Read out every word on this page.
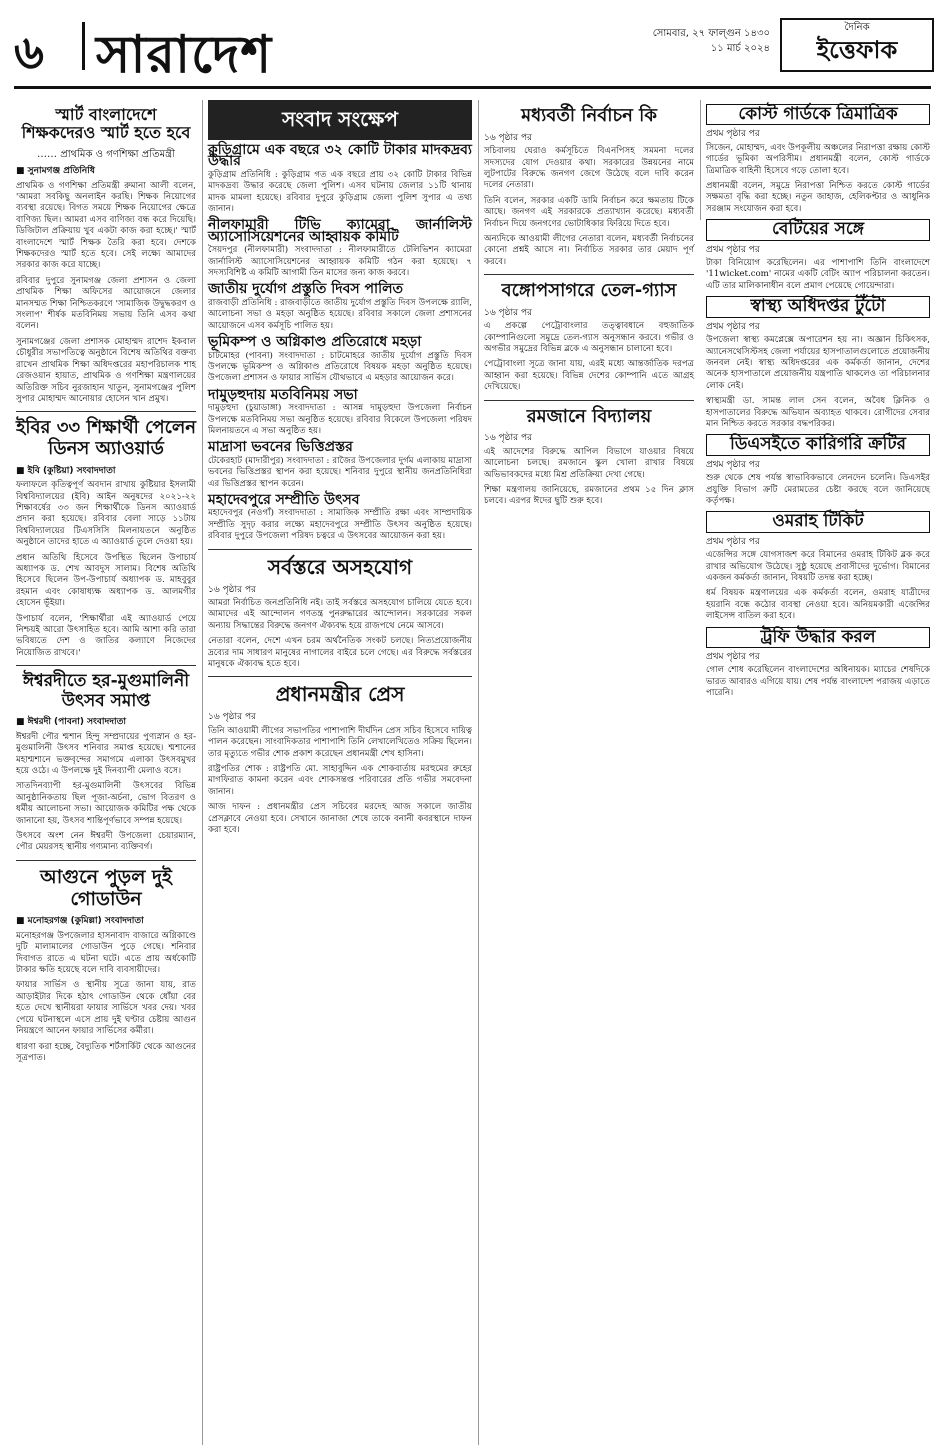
৬ সারাদেশ	সোমবার, ২৭ ফাল্গুন ১৪৩০
১১ মার্চ ২০২৪
দৈনিক
ইত্তেফাক
স্মার্ট বাংলাদেশে শিক্ষকদেরও স্মার্ট হতে হবে
…… প্রাথমিক ও গণশিক্ষা প্রতিমন্ত্রী
■ সুনামগঞ্জ প্রতিনিধি

প্রাথমিক ও গণশিক্ষা প্রতিমন্ত্রী রুমানা আলী বলেন, 'আমরা সবকিছু অনলাইন করছি। শিক্ষক নিয়োগের ব্যবস্থা রয়েছে। বিগত সময়ে শিক্ষক নিয়োগের ক্ষেত্রে বাণিজ্য ছিল। আমরা এসব বাণিজ্য বন্ধ করে দিয়েছি। ডিজিটাল প্রক্রিয়ায় খুব একটা কাজ করা হচ্ছে।' স্মার্ট বাংলাদেশে স্মার্ট শিক্ষক তৈরি করা হবে। দেশকে শিক্ষকদেরও স্মার্ট হতে হবে। সেই লক্ষ্যে আমাদের সরকার কাজ করে যাচ্ছে।

রবিবার দুপুরে সুনামগঞ্জ জেলা প্রশাসন ও জেলা প্রাথমিক শিক্ষা অফিসের আয়োজনে জেলার মানসম্মত শিক্ষা নিশ্চিতকরণে 'সামাজিক উদ্বুদ্ধকরণ ও সংলাপ' শীর্ষক মতবিনিময় সভায় তিনি এসব কথা বলেন।

সুনামগঞ্জের জেলা প্রশাসক মোহাম্মদ রাশেদ ইকবাল চৌধুরীর সভাপতিত্বে অনুষ্ঠানে বিশেষ অতিথির বক্তব্য রাখেন প্রাথমিক শিক্ষা অধিদপ্তরের মহাপরিচালক শাহ রেজওয়ান হায়াত, প্রাথমিক ও গণশিক্ষা মন্ত্রণালয়ের অতিরিক্ত সচিব নুরজাহান খাতুন, সুনামগঞ্জের পুলিশ সুপার মোহাম্মদ আনোয়ার হোসেন খান প্রমুখ।

ইবির ৩৩ শিক্ষার্থী পেলেন ডিনস অ্যাওয়ার্ড
■ ইবি (কুষ্টিয়া) সংবাদদাতা

ফলাফলে কৃতিত্বপূর্ণ অবদান রাখায় কুষ্টিয়ার ইসলামী বিশ্ববিদ্যালয়ের (ইবি) আইন অনুষদের ২০২১-২২ শিক্ষাবর্ষের ৩৩ জন শিক্ষার্থীকে ডিনস অ্যাওয়ার্ড প্রদান করা হয়েছে। রবিবার বেলা সাড়ে ১১টায় বিশ্ববিদ্যালয়ের টিএসসিসি মিলনায়তনে অনুষ্ঠিত অনুষ্ঠানে তাদের হাতে এ অ্যাওয়ার্ড তুলে দেওয়া হয়।

প্রধান অতিথি হিসেবে উপস্থিত ছিলেন উপাচার্য অধ্যাপক ড. শেখ আবদুস সালাম। বিশেষ অতিথি হিসেবে ছিলেন উপ-উপাচার্য অধ্যাপক ড. মাহবুবুর রহমান এবং কোষাধ্যক্ষ অধ্যাপক ড. আলমগীর হোসেন ভূঁইয়া।

উপাচার্য বলেন, 'শিক্ষার্থীরা এই অ্যাওয়ার্ড পেয়ে নিশ্চয়ই আরো উৎসাহিত হবে। আমি আশা করি তারা ভবিষ্যতে দেশ ও জাতির কল্যাণে নিজেদের নিয়োজিত রাখবে।'

ঈশ্বরদীতে হর-মুগুমালিনী উৎসব সমাপ্ত
■ ঈশ্বরদী (পাবনা) সংবাদদাতা

ঈশ্বরদী পৌর শ্মশান হিন্দু সম্প্রদায়ের পুণ্যস্নান ও হর-মুগুমালিনী উৎসব শনিবার সমাপ্ত হয়েছে। শ্মশানের মহাশ্মশানে ভক্তবৃন্দের সমাগমে এলাকা উৎসবমুখর হয়ে ওঠে। এ উপলক্ষে দুই দিনব্যাপী মেলাও বসে।

সাতদিনব্যাপী হর-মুগুমালিনী উৎসবের বিভিন্ন আনুষ্ঠানিকতায় ছিল পূজা-অর্চনা, ভোগ বিতরণ ও ধর্মীয় আলোচনা সভা। আয়োজক কমিটির পক্ষ থেকে জানানো হয়, উৎসব শান্তিপূর্ণভাবে সম্পন্ন হয়েছে।

উৎসবে অংশ নেন ঈশ্বরদী উপজেলা চেয়ারম্যান, পৌর মেয়রসহ স্থানীয় গণ্যমান্য ব্যক্তিবর্গ।

আগুনে পুড়ল দুই গোডাউন
■ মনোহরগঞ্জ (কুমিল্লা) সংবাদদাতা

মনোহরগঞ্জ উপজেলার হাসনাবাদ বাজারে অগ্নিকাণ্ডে দুটি মালামালের গোডাউন পুড়ে গেছে। শনিবার দিবাগত রাতে এ ঘটনা ঘটে। এতে প্রায় অর্ধকোটি টাকার ক্ষতি হয়েছে বলে দাবি ব্যবসায়ীদের।

ফায়ার সার্ভিস ও স্থানীয় সূত্রে জানা যায়, রাত আড়াইটার দিকে হঠাৎ গোডাউন থেকে ধোঁয়া বের হতে দেখে স্থানীয়রা ফায়ার সার্ভিসে খবর দেয়। খবর পেয়ে ঘটনাস্থলে এসে প্রায় দুই ঘণ্টার চেষ্টায় আগুন নিয়ন্ত্রণে আনেন ফায়ার সার্ভিসের কর্মীরা।

ধারণা করা হচ্ছে, বৈদ্যুতিক শর্টসার্কিট থেকে আগুনের সূত্রপাত।

সংবাদ সংক্ষেপ
কুড়িগ্রামে এক বছরে ৩২ কোটি টাকার মাদকদ্রব্য উদ্ধার

কুড়িগ্রাম প্রতিনিধি : কুড়িগ্রাম গত এক বছরে প্রায় ৩২ কোটি টাকার বিভিন্ন মাদকদ্রব্য উদ্ধার করেছে জেলা পুলিশ। এসব ঘটনায় জেলার ১১টি থানায় মাদক মামলা হয়েছে। রবিবার দুপুরে কুড়িগ্রাম জেলা পুলিশ সুপার এ তথ্য জানান।

নীলফামারী টিভি ক্যামেরা জার্নালিস্ট অ্যাসোসিয়েশনের আহ্বায়ক কমিটি

সৈয়দপুর (নীলফামারী) সংবাদদাতা : নীলফামারীতে টেলিভিশন ক্যামেরা জার্নালিস্ট অ্যাসোসিয়েশনের আহ্বায়ক কমিটি গঠন করা হয়েছে। ৭ সদস্যবিশিষ্ট এ কমিটি আগামী তিন মাসের জন্য কাজ করবে।

জাতীয় দুর্যোগ প্রস্তুতি দিবস পালিত

রাজবাড়ী প্রতিনিধি : রাজবাড়ীতে জাতীয় দুর্যোগ প্রস্তুতি দিবস উপলক্ষে র‌্যালি, আলোচনা সভা ও মহড়া অনুষ্ঠিত হয়েছে। রবিবার সকালে জেলা প্রশাসনের আয়োজনে এসব কর্মসূচি পালিত হয়।

ভূমিকম্প ও অগ্নিকাণ্ড প্রতিরোধে মহড়া

চাটমোহর (পাবনা) সংবাদদাতা : চাটমোহরে জাতীয় দুর্যোগ প্রস্তুতি দিবস উপলক্ষে ভূমিকম্প ও অগ্নিকাণ্ড প্রতিরোধে বিষয়ক মহড়া অনুষ্ঠিত হয়েছে। উপজেলা প্রশাসন ও ফায়ার সার্ভিস যৌথভাবে এ মহড়ার আয়োজন করে।

দামুড়হুদায় মতবিনিময় সভা

দামুড়হুদা (চুয়াডাঙ্গা) সংবাদদাতা : আসন্ন দামুড়হুদা উপজেলা নির্বাচন উপলক্ষে মতবিনিময় সভা অনুষ্ঠিত হয়েছে। রবিবার বিকেলে উপজেলা পরিষদ মিলনায়তনে এ সভা অনুষ্ঠিত হয়।

মাদ্রাসা ভবনের ভিত্তিপ্রস্তর

টেকেরহাট (মাদারীপুর) সংবাদদাতা : রাজৈর উপজেলার দুর্গম এলাকায় মাদ্রাসা ভবনের ভিত্তিপ্রস্তর স্থাপন করা হয়েছে। শনিবার দুপুরে স্থানীয় জনপ্রতিনিধিরা এর ভিত্তিপ্রস্তর স্থাপন করেন।

মহাদেবপুরে সম্প্রীতি উৎসব

মহাদেবপুর (নওগাঁ) সংবাদদাতা : সামাজিক সম্প্রীতি রক্ষা এবং সাম্প্রদায়িক সম্প্রীতি সুদৃঢ় করার লক্ষ্যে মহাদেবপুরে সম্প্রীতি উৎসব অনুষ্ঠিত হয়েছে। রবিবার দুপুরে উপজেলা পরিষদ চত্বরে এ উৎসবের আয়োজন করা হয়।

সর্বস্তরে অসহযোগ
১৬ পৃষ্ঠার পর

আমরা নির্বাচিত জনপ্রতিনিধি নই। তাই সর্বস্তরে অসহযোগ চালিয়ে যেতে হবে। আমাদের এই আন্দোলন গণতন্ত্র পুনরুদ্ধারের আন্দোলন। সরকারের সকল অন্যায় সিদ্ধান্তের বিরুদ্ধে জনগণ ঐক্যবদ্ধ হয়ে রাজপথে নেমে আসবে।

নেতারা বলেন, দেশে এখন চরম অর্থনৈতিক সংকট চলছে। নিত্যপ্রয়োজনীয় দ্রব্যের দাম সাধারণ মানুষের নাগালের বাইরে চলে গেছে। এর বিরুদ্ধে সর্বস্তরের মানুষকে ঐক্যবদ্ধ হতে হবে।

প্রধানমন্ত্রীর প্রেস
১৬ পৃষ্ঠার পর

তিনি আওয়ামী লীগের সভাপতির পাশাপাশি দীর্ঘদিন প্রেস সচিব হিসেবে দায়িত্ব পালন করেছেন। সাংবাদিকতার পাশাপাশি তিনি লেখালেখিতেও সক্রিয় ছিলেন। তার মৃত্যুতে গভীর শোক প্রকাশ করেছেন প্রধানমন্ত্রী শেখ হাসিনা।

রাষ্ট্রপতির শোক : রাষ্ট্রপতি মো. সাহাবুদ্দিন এক শোকবার্তায় মরহুমের রুহের মাগফিরাত কামনা করেন এবং শোকসন্তপ্ত পরিবারের প্রতি গভীর সমবেদনা জানান।

আজ দাফন : প্রধানমন্ত্রীর প্রেস সচিবের মরদেহ আজ সকালে জাতীয় প্রেসক্লাবে নেওয়া হবে। সেখানে জানাজা শেষে তাকে বনানী কবরস্থানে দাফন করা হবে।

মধ্যবর্তী নির্বাচন কি
১৬ পৃষ্ঠার পর

সচিবালয় ঘেরাও কর্মসূচিতে বিএনপিসহ সমমনা দলের সদস্যদের যোগ দেওয়ার কথা। সরকারের উন্নয়নের নামে লুটপাটের বিরুদ্ধে জনগণ জেগে উঠেছে বলে দাবি করেন দলের নেতারা।

তিনি বলেন, সরকার একটি ডামি নির্বাচন করে ক্ষমতায় টিকে আছে। জনগণ এই সরকারকে প্রত্যাখ্যান করেছে। মধ্যবর্তী নির্বাচন দিয়ে জনগণের ভোটাধিকার ফিরিয়ে দিতে হবে।

অন্যদিকে আওয়ামী লীগের নেতারা বলেন, মধ্যবর্তী নির্বাচনের কোনো প্রশ্নই আসে না। নির্বাচিত সরকার তার মেয়াদ পূর্ণ করবে।

বঙ্গোপসাগরে তেল-গ্যাস
১৬ পৃষ্ঠার পর

এ প্রকল্পে পেট্রোবাংলার তত্ত্বাবধানে বহুজাতিক কোম্পানিগুলো সমুদ্রে তেল-গ্যাস অনুসন্ধান করবে। গভীর ও অগভীর সমুদ্রের বিভিন্ন ব্লকে এ অনুসন্ধান চালানো হবে।

পেট্রোবাংলা সূত্রে জানা যায়, এরই মধ্যে আন্তর্জাতিক দরপত্র আহ্বান করা হয়েছে। বিভিন্ন দেশের কোম্পানি এতে আগ্রহ দেখিয়েছে।

রমজানে বিদ্যালয়
১৬ পৃষ্ঠার পর

এই আদেশের বিরুদ্ধে আপিল বিভাগে যাওয়ার বিষয়ে আলোচনা চলছে। রমজানে স্কুল খোলা রাখার বিষয়ে অভিভাবকদের মধ্যে মিশ্র প্রতিক্রিয়া দেখা গেছে।

শিক্ষা মন্ত্রণালয় জানিয়েছে, রমজানের প্রথম ১৫ দিন ক্লাস চলবে। এরপর ঈদের ছুটি শুরু হবে।

কোস্ট গার্ডকে ত্রিমাত্রিক
প্রথম পৃষ্ঠার পর

সিজেন, মোহাম্মদ, এবং উপকূলীয় অঞ্চলের নিরাপত্তা রক্ষায় কোস্ট গার্ডের ভূমিকা অপরিসীম। প্রধানমন্ত্রী বলেন, কোস্ট গার্ডকে ত্রিমাত্রিক বাহিনী হিসেবে গড়ে তোলা হবে।

প্রধানমন্ত্রী বলেন, সমুদ্রে নিরাপত্তা নিশ্চিত করতে কোস্ট গার্ডের সক্ষমতা বৃদ্ধি করা হচ্ছে। নতুন জাহাজ, হেলিকপ্টার ও আধুনিক সরঞ্জাম সংযোজন করা হবে।

বেটিয়ের সঙ্গে
প্রথম পৃষ্ঠার পর

টাকা বিনিয়োগ করেছিলেন। এর পাশাপাশি তিনি বাংলাদেশে '11wicket.com' নামের একটি বেটিং অ্যাপ পরিচালনা করতেন। এটি তার মালিকানাধীন বলে প্রমাণ পেয়েছে গোয়েন্দারা।

স্বাস্থ্য অধিদপ্তর টুঁটো
প্রথম পৃষ্ঠার পর

উপজেলা স্বাস্থ্য কমপ্লেক্সে অপারেশন হয় না। অজ্ঞান চিকিৎসক, অ্যানেসথেসিস্টসহ জেলা পর্যায়ের হাসপাতালগুলোতে প্রয়োজনীয় জনবল নেই। স্বাস্থ্য অধিদপ্তরের এক কর্মকর্তা জানান, দেশের অনেক হাসপাতালে প্রয়োজনীয় যন্ত্রপাতি থাকলেও তা পরিচালনার লোক নেই।

স্বাস্থ্যমন্ত্রী ডা. সামন্ত লাল সেন বলেন, অবৈধ ক্লিনিক ও হাসপাতালের বিরুদ্ধে অভিযান অব্যাহত থাকবে। রোগীদের সেবার মান নিশ্চিত করতে সরকার বদ্ধপরিকর।

ডিএসইতে কারিগরি ক্রটির
প্রথম পৃষ্ঠার পর

শুরু থেকে শেষ পর্যন্ত স্বাভাবিকভাবে লেনদেন চলেনি। ডিএসইর প্রযুক্তি বিভাগ ক্রটি মেরামতের চেষ্টা করছে বলে জানিয়েছে কর্তৃপক্ষ।

ওমরাহ টিকিট
প্রথম পৃষ্ঠার পর

এজেন্সির সঙ্গে যোগসাজশ করে বিমানের ওমরাহ টিকিট ব্লক করে রাখার অভিযোগ উঠেছে। সুষ্ঠু হয়েছে প্রবাসীদের দুর্ভোগ। বিমানের একজন কর্মকর্তা জানান, বিষয়টি তদন্ত করা হচ্ছে।

ধর্ম বিষয়ক মন্ত্রণালয়ের এক কর্মকর্তা বলেন, ওমরাহ যাত্রীদের হয়রানি বন্ধে কঠোর ব্যবস্থা নেওয়া হবে। অনিয়মকারী এজেন্সির লাইসেন্স বাতিল করা হবে।

ট্রফি উদ্ধার করল
প্রথম পৃষ্ঠার পর

গোল শোধ করেছিলেন বাংলাদেশের অধিনায়ক। ম্যাচের শেষদিকে ভারত আবারও এগিয়ে যায়। শেষ পর্যন্ত বাংলাদেশ পরাজয় এড়াতে পারেনি।
